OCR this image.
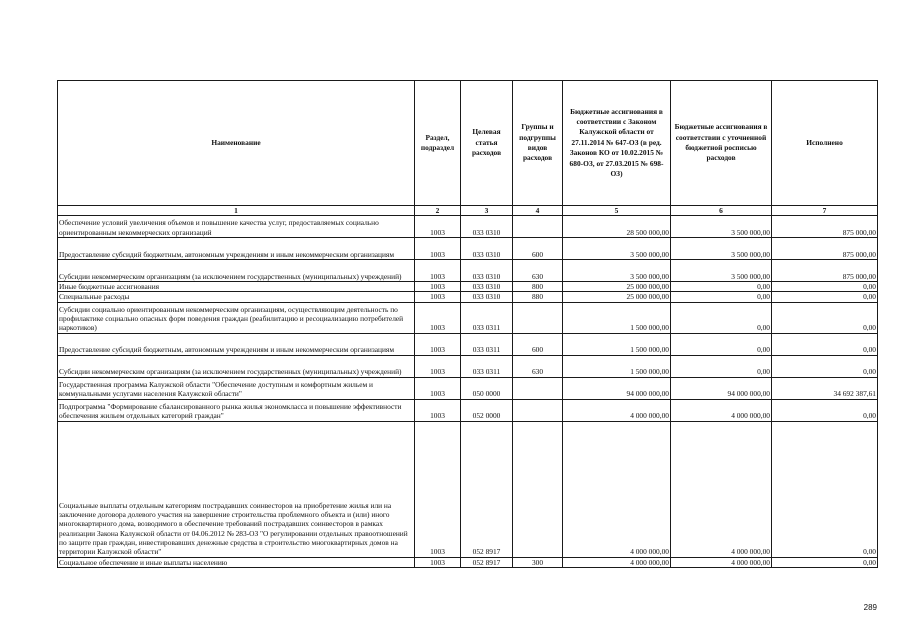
Наименование	Раздел, подраздел	Целевая статья расходов	Группы и подгруппы видов расходов	Бюджетные ассигнования в соответствии с Законом Калужской области от 27.11.2014 № 647-ОЗ (в ред. Законов КО от 10.02.2015 № 680-ОЗ, от 27.03.2015 № 698-ОЗ)	Бюджетные ассигнования в соответствии с уточненной бюджетной росписью расходов	Исполнено
1	2	3	4	5	6	7
Обеспечение условий увеличения объемов и повышение качества услуг, предоставляемых социально ориентированным некоммерческих организаций	1003	033 0310		28 500 000,00	3 500 000,00	875 000,00
Предоставление субсидий бюджетным, автономным учреждениям и иным некоммерческим организациям	1003	033 0310	600	3 500 000,00	3 500 000,00	875 000,00
Субсидии некоммерческим организациям (за исключением государственных (муниципальных) учреждений)	1003	033 0310	630	3 500 000,00	3 500 000,00	875 000,00
Иные бюджетные ассигнования	1003	033 0310	800	25 000 000,00	0,00	0,00
Специальные расходы	1003	033 0310	880	25 000 000,00	0,00	0,00
Субсидии социально ориентированным некоммерческим организациям, осуществляющим деятельность по профилактике социально опасных форм поведения граждан (реабилитацию и ресоциализацию потребителей наркотиков)	1003	033 0311		1 500 000,00	0,00	0,00
Предоставление субсидий бюджетным, автономным учреждениям и иным некоммерческим организациям	1003	033 0311	600	1 500 000,00	0,00	0,00
Субсидии некоммерческим организациям (за исключением государственных (муниципальных) учреждений)	1003	033 0311	630	1 500 000,00	0,00	0,00
Государственная программа Калужской области "Обеспечение доступным и комфортным жильем и коммунальными услугами населения Калужской области"	1003	050 0000		94 000 000,00	94 000 000,00	34 692 387,61
Подпрограмма "Формирование сбалансированного рынка жилья экономкласса и повышение эффективности обеспечения жильем отдельных категорий граждан"	1003	052 0000		4 000 000,00	4 000 000,00	0,00
Социальные выплаты отдельным категориям пострадавших соинвесторов на приобретение жилья или на заключение договора долевого участия на завершение строительства проблемного объекта и (или) иного многоквартирного дома, возводимого в обеспечение требований пострадавших соинвесторов в рамках реализации Закона Калужской области от 04.06.2012 № 283-ОЗ "О регулировании отдельных правоотношений по защите прав граждан, инвестировавших денежные средства в строительство многоквартирных домов на территории Калужской области"	1003	052 8917		4 000 000,00	4 000 000,00	0,00
Социальное обеспечение и иные выплаты населению	1003	052 8917	300	4 000 000,00	4 000 000,00	0,00
289
